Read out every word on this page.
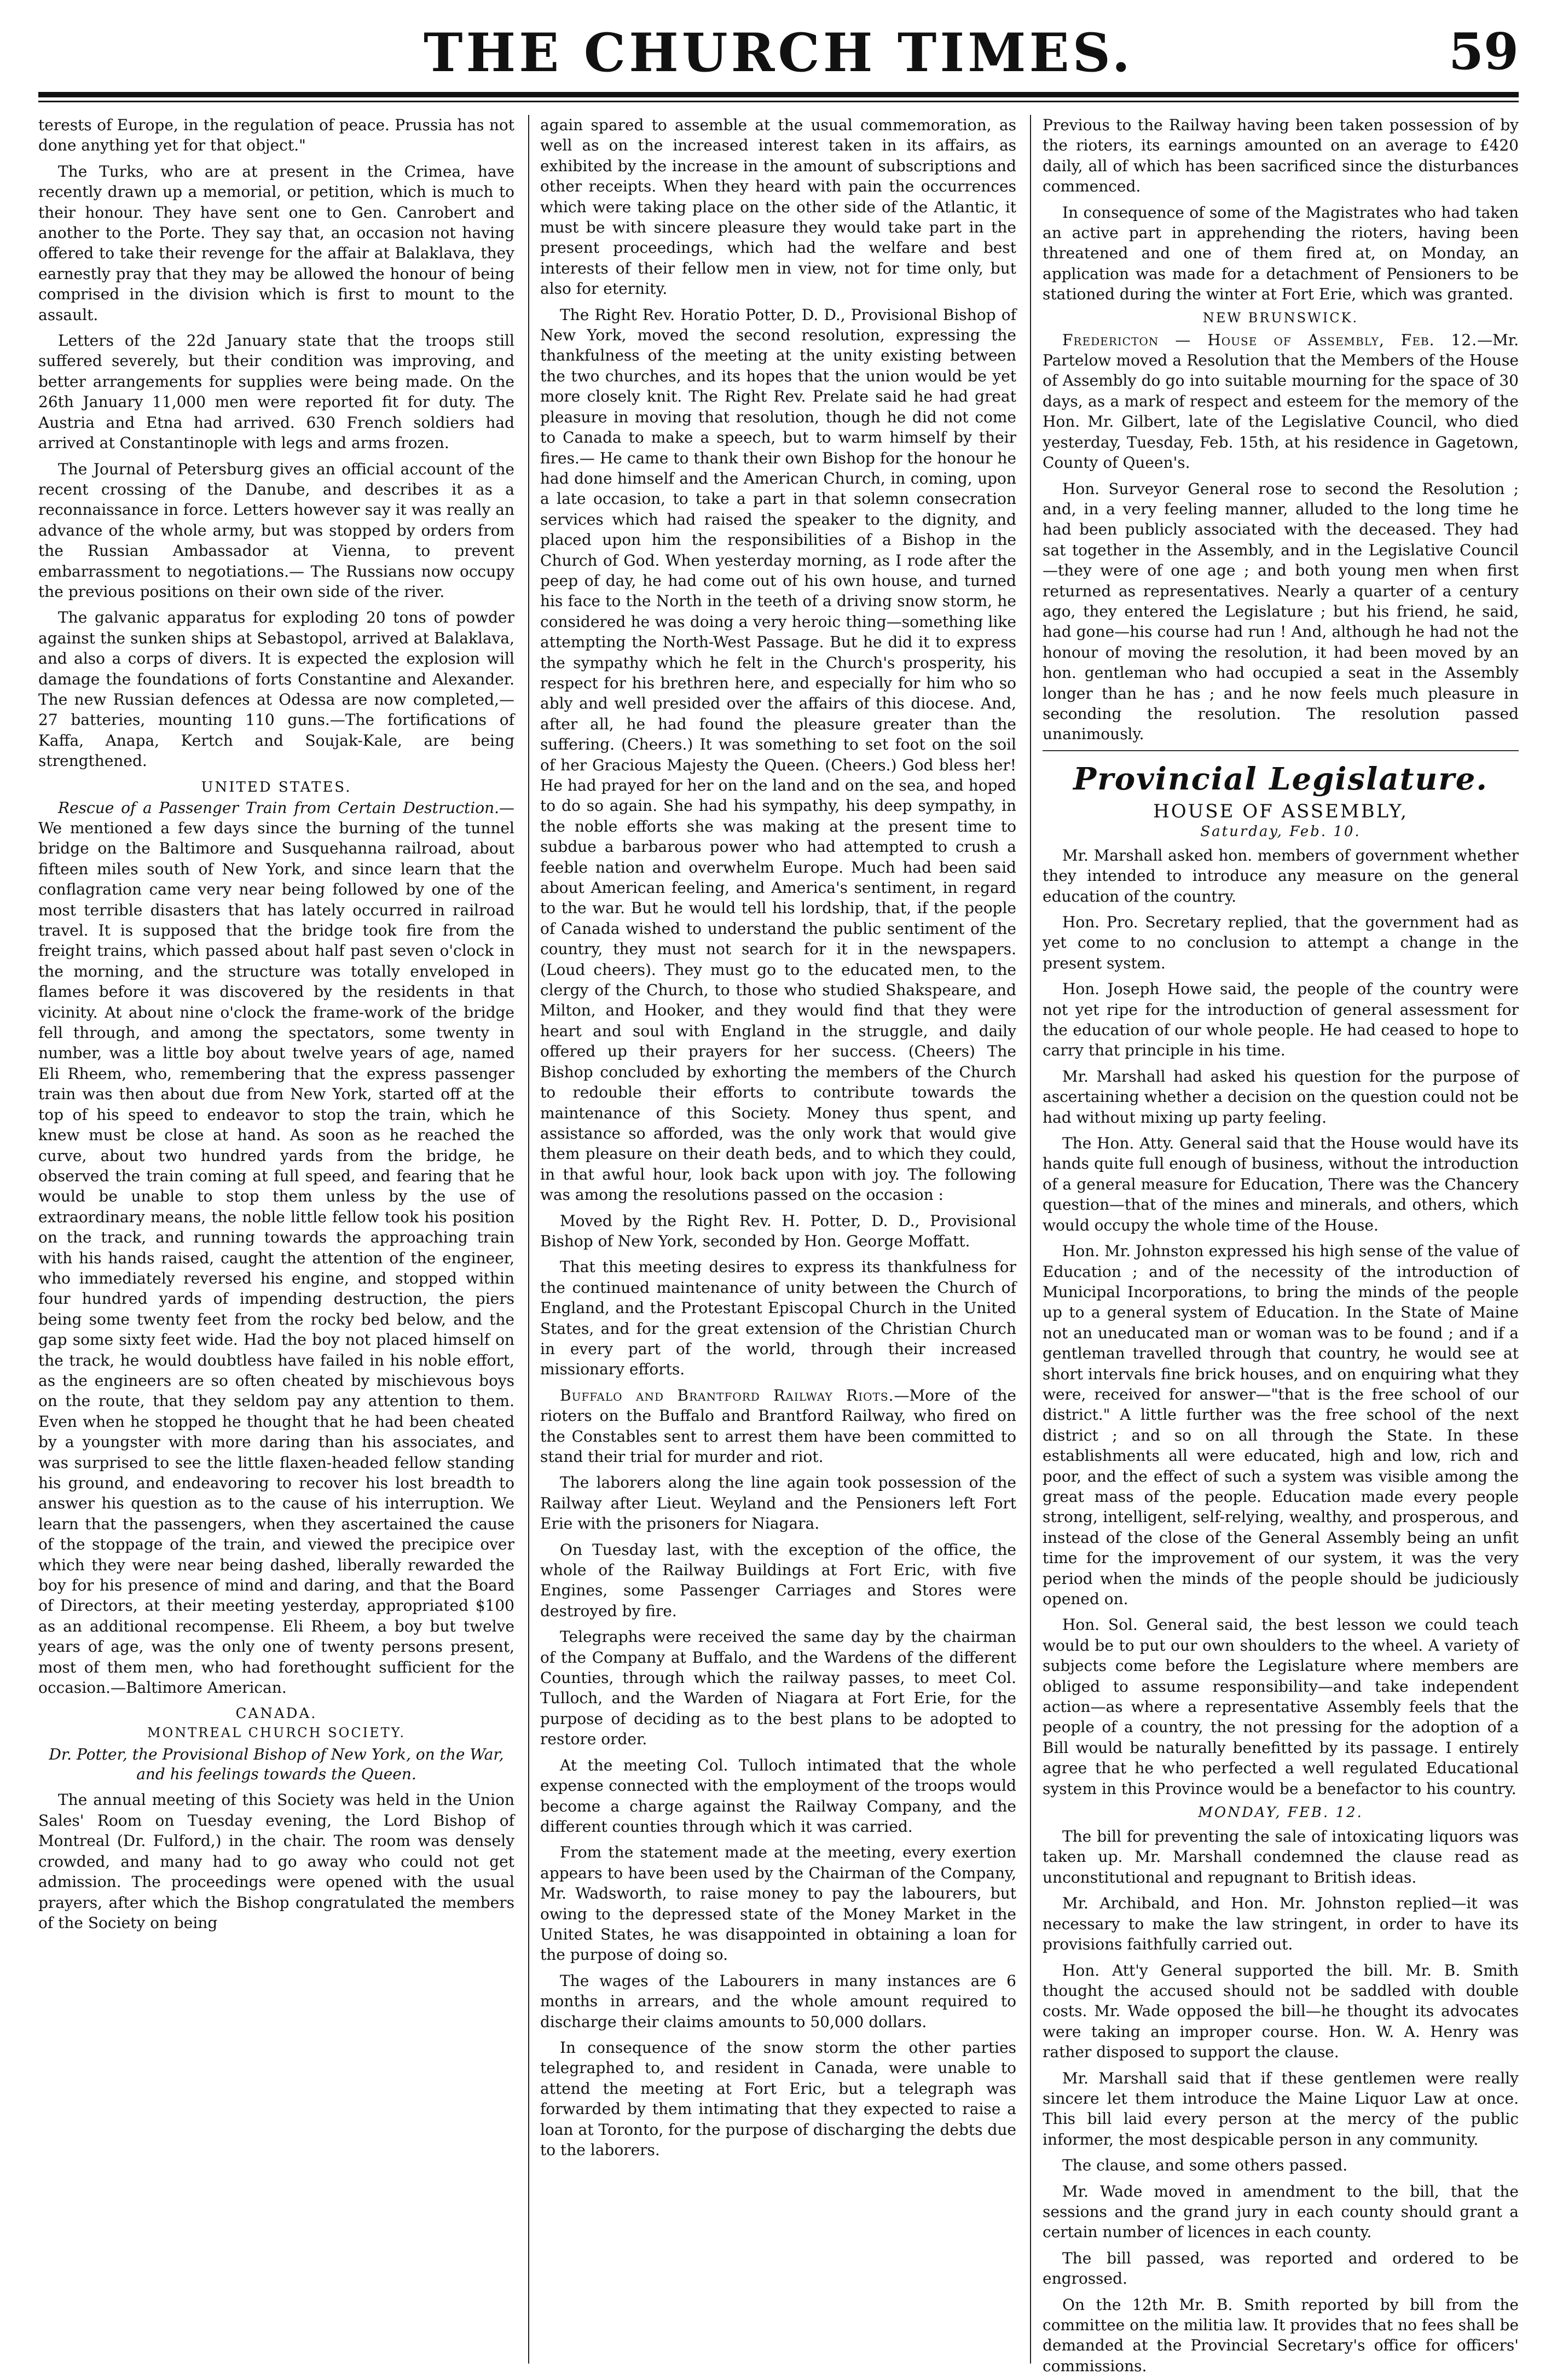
THE CHURCH TIMES.	59

terests of Europe, in the regulation of peace. Prussia has not done anything yet for that object."

The Turks, who are at present in the Crimea, have recently drawn up a memorial, or petition, which is much to their honour. They have sent one to Gen. Canrobert and another to the Porte. They say that, an occasion not having offered to take their revenge for the affair at Balaklava, they earnestly pray that they may be allowed the honour of being comprised in the division which is first to mount to the assault.

Letters of the 22d January state that the troops still suffered severely, but their condition was improving, and better arrangements for supplies were being made. On the 26th January 11,000 men were reported fit for duty. The Austria and Etna had arrived. 630 French soldiers had arrived at Constantinople with legs and arms frozen.

The Journal of Petersburg gives an official account of the recent crossing of the Danube, and describes it as a reconnaissance in force. Letters however say it was really an advance of the whole army, but was stopped by orders from the Russian Ambassador at Vienna, to prevent embarrassment to negotiations.— The Russians now occupy the previous positions on their own side of the river.

The galvanic apparatus for exploding 20 tons of powder against the sunken ships at Sebastopol, arrived at Balaklava, and also a corps of divers. It is expected the explosion will damage the foundations of forts Constantine and Alexander. The new Russian defences at Odessa are now completed,—27 batteries, mounting 110 guns.—The fortifications of Kaffa, Anapa, Kertch and Soujak-Kale, are being strengthened.

UNITED STATES.

Rescue of a Passenger Train from Certain Destruction.—We mentioned a few days since the burning of the tunnel bridge on the Baltimore and Susquehanna railroad, about fifteen miles south of New York, and since learn that the conflagration came very near being followed by one of the most terrible disasters that has lately occurred in railroad travel. It is supposed that the bridge took fire from the freight trains, which passed about half past seven o'clock in the morning, and the structure was totally enveloped in flames before it was discovered by the residents in that vicinity. At about nine o'clock the frame-work of the bridge fell through, and among the spectators, some twenty in number, was a little boy about twelve years of age, named Eli Rheem, who, remembering that the express passenger train was then about due from New York, started off at the top of his speed to endeavor to stop the train, which he knew must be close at hand. As soon as he reached the curve, about two hundred yards from the bridge, he observed the train coming at full speed, and fearing that he would be unable to stop them unless by the use of extraordinary means, the noble little fellow took his position on the track, and running towards the approaching train with his hands raised, caught the attention of the engineer, who immediately reversed his engine, and stopped within four hundred yards of impending destruction, the piers being some twenty feet from the rocky bed below, and the gap some sixty feet wide. Had the boy not placed himself on the track, he would doubtless have failed in his noble effort, as the engineers are so often cheated by mischievous boys on the route, that they seldom pay any attention to them. Even when he stopped he thought that he had been cheated by a youngster with more daring than his associates, and was surprised to see the little flaxen-headed fellow standing his ground, and endeavoring to recover his lost breadth to answer his question as to the cause of his interruption. We learn that the passengers, when they ascertained the cause of the stoppage of the train, and viewed the precipice over which they were near being dashed, liberally rewarded the boy for his presence of mind and daring, and that the Board of Directors, at their meeting yesterday, appropriated $100 as an additional recompense. Eli Rheem, a boy but twelve years of age, was the only one of twenty persons present, most of them men, who had forethought sufficient for the occasion.—Baltimore American.

CANADA.
MONTREAL CHURCH SOCIETY.
Dr. Potter, the Provisional Bishop of New York, on the War, and his feelings towards the Queen.

The annual meeting of this Society was held in the Union Sales' Room on Tuesday evening, the Lord Bishop of Montreal (Dr. Fulford,) in the chair. The room was densely crowded, and many had to go away who could not get admission. The proceedings were opened with the usual prayers, after which the Bishop congratulated the members of the Society on being

again spared to assemble at the usual commemoration, as well as on the increased interest taken in its affairs, as exhibited by the increase in the amount of subscriptions and other receipts. When they heard with pain the occurrences which were taking place on the other side of the Atlantic, it must be with sincere pleasure they would take part in the present proceedings, which had the welfare and best interests of their fellow men in view, not for time only, but also for eternity.

The Right Rev. Horatio Potter, D. D., Provisional Bishop of New York, moved the second resolution, expressing the thankfulness of the meeting at the unity existing between the two churches, and its hopes that the union would be yet more closely knit. The Right Rev. Prelate said he had great pleasure in moving that resolution, though he did not come to Canada to make a speech, but to warm himself by their fires.— He came to thank their own Bishop for the honour he had done himself and the American Church, in coming, upon a late occasion, to take a part in that solemn consecration services which had raised the speaker to the dignity, and placed upon him the responsibilities of a Bishop in the Church of God. When yesterday morning, as I rode after the peep of day, he had come out of his own house, and turned his face to the North in the teeth of a driving snow storm, he considered he was doing a very heroic thing—something like attempting the North-West Passage. But he did it to express the sympathy which he felt in the Church's prosperity, his respect for his brethren here, and especially for him who so ably and well presided over the affairs of this diocese. And, after all, he had found the pleasure greater than the suffering. (Cheers.) It was something to set foot on the soil of her Gracious Majesty the Queen. (Cheers.) God bless her! He had prayed for her on the land and on the sea, and hoped to do so again. She had his sympathy, his deep sympathy, in the noble efforts she was making at the present time to subdue a barbarous power who had attempted to crush a feeble nation and overwhelm Europe. Much had been said about American feeling, and America's sentiment, in regard to the war. But he would tell his lordship, that, if the people of Canada wished to understand the public sentiment of the country, they must not search for it in the newspapers. (Loud cheers). They must go to the educated men, to the clergy of the Church, to those who studied Shakspeare, and Milton, and Hooker, and they would find that they were heart and soul with England in the struggle, and daily offered up their prayers for her success. (Cheers) The Bishop concluded by exhorting the members of the Church to redouble their efforts to contribute towards the maintenance of this Society. Money thus spent, and assistance so afforded, was the only work that would give them pleasure on their death beds, and to which they could, in that awful hour, look back upon with joy. The following was among the resolutions passed on the occasion :

Moved by the Right Rev. H. Potter, D. D., Provisional Bishop of New York, seconded by Hon. George Moffatt.

That this meeting desires to express its thankfulness for the continued maintenance of unity between the Church of England, and the Protestant Episcopal Church in the United States, and for the great extension of the Christian Church in every part of the world, through their increased missionary efforts.

Buffalo and Brantford Railway Riots.—More of the rioters on the Buffalo and Brantford Railway, who fired on the Constables sent to arrest them have been committed to stand their trial for murder and riot.

The laborers along the line again took possession of the Railway after Lieut. Weyland and the Pensioners left Fort Erie with the prisoners for Niagara.

On Tuesday last, with the exception of the office, the whole of the Railway Buildings at Fort Eric, with five Engines, some Passenger Carriages and Stores were destroyed by fire.

Telegraphs were received the same day by the chairman of the Company at Buffalo, and the Wardens of the different Counties, through which the railway passes, to meet Col. Tulloch, and the Warden of Niagara at Fort Erie, for the purpose of deciding as to the best plans to be adopted to restore order.

At the meeting Col. Tulloch intimated that the whole expense connected with the employment of the troops would become a charge against the Railway Company, and the different counties through which it was carried.

From the statement made at the meeting, every exertion appears to have been used by the Chairman of the Company, Mr. Wadsworth, to raise money to pay the labourers, but owing to the depressed state of the Money Market in the United States, he was disappointed in obtaining a loan for the purpose of doing so.

The wages of the Labourers in many instances are 6 months in arrears, and the whole amount required to discharge their claims amounts to 50,000 dollars.

In consequence of the snow storm the other parties telegraphed to, and resident in Canada, were unable to attend the meeting at Fort Eric, but a telegraph was forwarded by them intimating that they expected to raise a loan at Toronto, for the purpose of discharging the debts due to the laborers.

Previous to the Railway having been taken possession of by the rioters, its earnings amounted on an average to £420 daily, all of which has been sacrificed since the disturbances commenced.

In consequence of some of the Magistrates who had taken an active part in apprehending the rioters, having been threatened and one of them fired at, on Monday, an application was made for a detachment of Pensioners to be stationed during the winter at Fort Erie, which was granted.

NEW BRUNSWICK.

Fredericton — House of Assembly, Feb. 12.—Mr. Partelow moved a Resolution that the Members of the House of Assembly do go into suitable mourning for the space of 30 days, as a mark of respect and esteem for the memory of the Hon. Mr. Gilbert, late of the Legislative Council, who died yesterday, Tuesday, Feb. 15th, at his residence in Gagetown, County of Queen's.

Hon. Surveyor General rose to second the Resolution ; and, in a very feeling manner, alluded to the long time he had been publicly associated with the deceased. They had sat together in the Assembly, and in the Legislative Council—they were of one age ; and both young men when first returned as representatives. Nearly a quarter of a century ago, they entered the Legislature ; but his friend, he said, had gone—his course had run ! And, although he had not the honour of moving the resolution, it had been moved by an hon. gentleman who had occupied a seat in the Assembly longer than he has ; and he now feels much pleasure in seconding the resolution. The resolution passed unanimously.

Provincial Legislature.
HOUSE OF ASSEMBLY,
Saturday, Feb. 10.

Mr. Marshall asked hon. members of government whether they intended to introduce any measure on the general education of the country.

Hon. Pro. Secretary replied, that the government had as yet come to no conclusion to attempt a change in the present system.

Hon. Joseph Howe said, the people of the country were not yet ripe for the introduction of general assessment for the education of our whole people. He had ceased to hope to carry that principle in his time.

Mr. Marshall had asked his question for the purpose of ascertaining whether a decision on the question could not be had without mixing up party feeling.

The Hon. Atty. General said that the House would have its hands quite full enough of business, without the introduction of a general measure for Education, There was the Chancery question—that of the mines and minerals, and others, which would occupy the whole time of the House.

Hon. Mr. Johnston expressed his high sense of the value of Education ; and of the necessity of the introduction of Municipal Incorporations, to bring the minds of the people up to a general system of Education. In the State of Maine not an uneducated man or woman was to be found ; and if a gentleman travelled through that country, he would see at short intervals fine brick houses, and on enquiring what they were, received for answer—"that is the free school of our district." A little further was the free school of the next district ; and so on all through the State. In these establishments all were educated, high and low, rich and poor, and the effect of such a system was visible among the great mass of the people. Education made every people strong, intelligent, self-relying, wealthy, and prosperous, and instead of the close of the General Assembly being an unfit time for the improvement of our system, it was the very period when the minds of the people should be judiciously opened on.

Hon. Sol. General said, the best lesson we could teach would be to put our own shoulders to the wheel. A variety of subjects come before the Legislature where members are obliged to assume responsibility—and take independent action—as where a representative Assembly feels that the people of a country, the not pressing for the adoption of a Bill would be naturally benefitted by its passage. I entirely agree that he who perfected a well regulated Educational system in this Province would be a benefactor to his country.

MONDAY, FEB. 12.

The bill for preventing the sale of intoxicating liquors was taken up. Mr. Marshall condemned the clause read as unconstitutional and repugnant to British ideas.

Mr. Archibald, and Hon. Mr. Johnston replied—it was necessary to make the law stringent, in order to have its provisions faithfully carried out.

Hon. Att'y General supported the bill. Mr. B. Smith thought the accused should not be saddled with double costs. Mr. Wade opposed the bill—he thought its advocates were taking an improper course. Hon. W. A. Henry was rather disposed to support the clause.

Mr. Marshall said that if these gentlemen were really sincere let them introduce the Maine Liquor Law at once. This bill laid every person at the mercy of the public informer, the most despicable person in any community.

The clause, and some others passed.

Mr. Wade moved in amendment to the bill, that the sessions and the grand jury in each county should grant a certain number of licences in each county.

The bill passed, was reported and ordered to be engrossed.

On the 12th Mr. B. Smith reported by bill from the committee on the militia law. It provides that no fees shall be demanded at the Provincial Secretary's office for officers' commissions.
